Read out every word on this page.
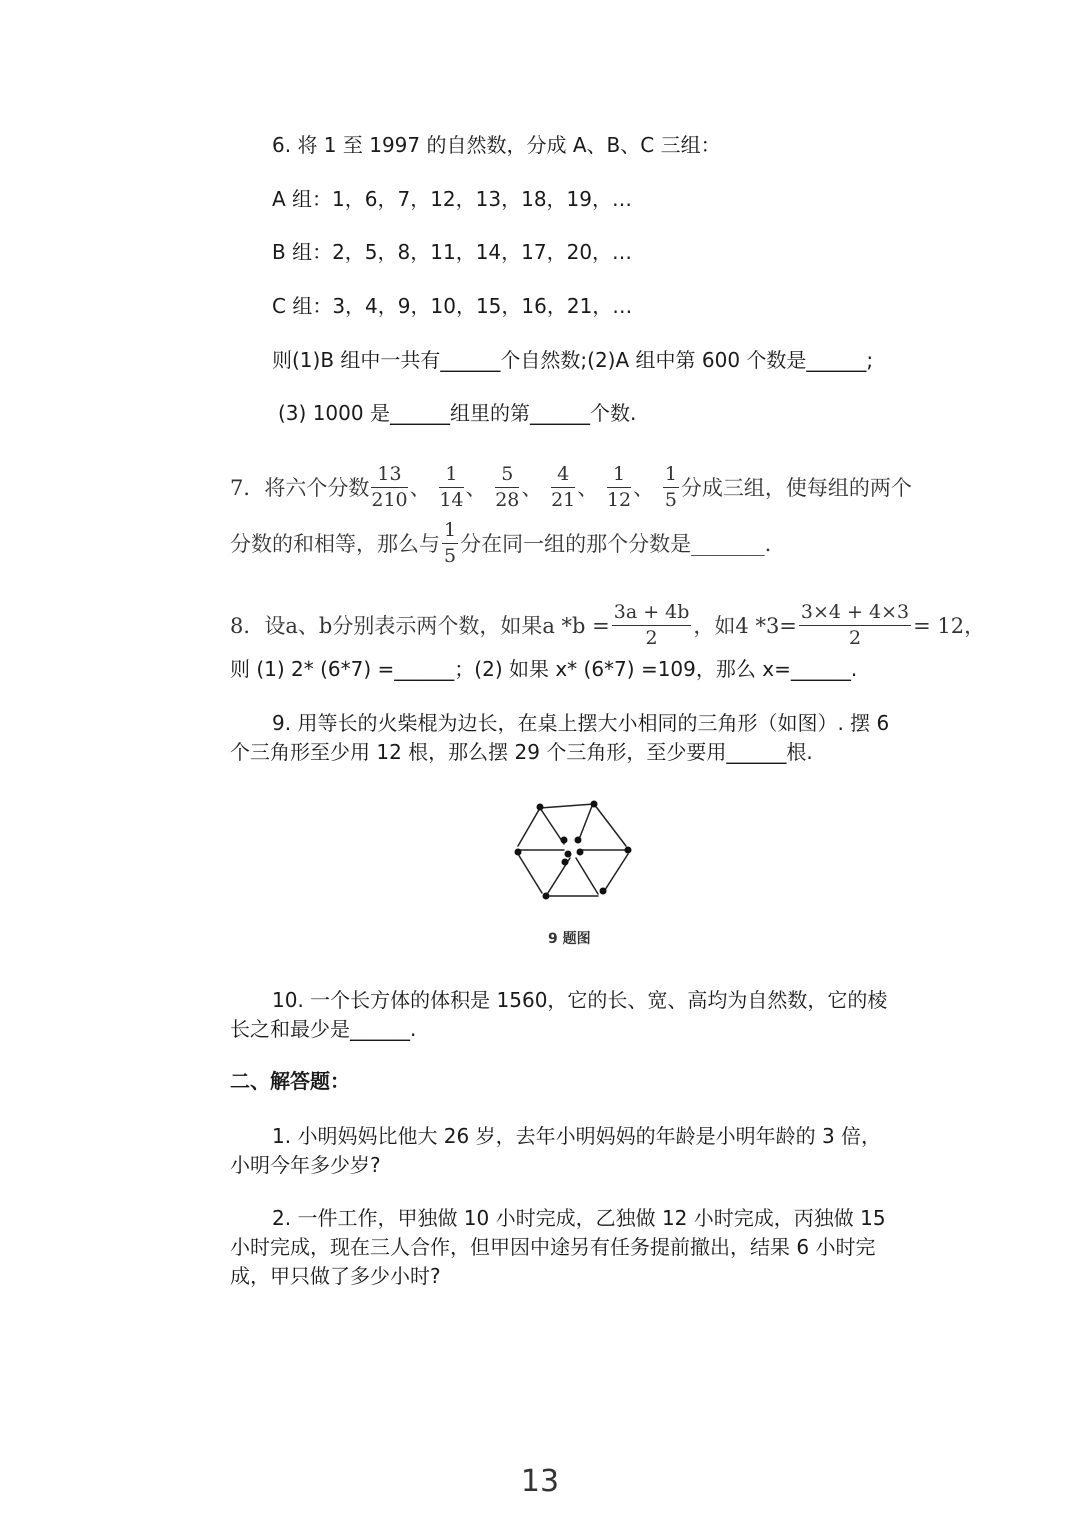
6. 将 1 至 1997 的自然数，分成 A、B、C 三组：
A 组：1，6，7，12，13，18，19，…
B 组：2，5，8，11，14，17，20，…
C 组：3，4，9，10，15，16，21，…
则(1)B 组中一共有______个自然数;(2)A 组中第 600 个数是______;
(3) 1000 是______组里的第______个数.
7．将六个分数 $\frac{13}{210}$ 、 $\frac{1}{14}$ 、 $\frac{5}{28}$ 、 $\frac{4}{21}$ 、 $\frac{1}{12}$ 、 $\frac{1}{5}$ 分成三组，使每组的两个
分数的和相等，那么与 $\frac{1}{5}$ 分在同一组的那个分数是_______.
8．设a、b分别表示两个数，如果a $*b = \frac{3a + 4b}{2}$ ，如4 $*3= \frac{3\times 4 + 4\times 3}{2} = 12$，
则 (1) 2* (6*7) =______；(2) 如果 x* (6*7) =109，那么 x=______.
9. 用等长的火柴棍为边长，在桌上摆大小相同的三角形（如图）. 摆 6
个三角形至少用 12 根，那么摆 29 个三角形，至少要用______根.
9 题图
10. 一个长方体的体积是 1560，它的长、宽、高均为自然数，它的棱
长之和最少是______.
二、解答题：
1. 小明妈妈比他大 26 岁，去年小明妈妈的年龄是小明年龄的 3 倍，
小明今年多少岁?
2. 一件工作，甲独做 10 小时完成，乙独做 12 小时完成，丙独做 15
小时完成，现在三人合作，但甲因中途另有任务提前撤出，结果 6 小时完
成，甲只做了多少小时?
13
